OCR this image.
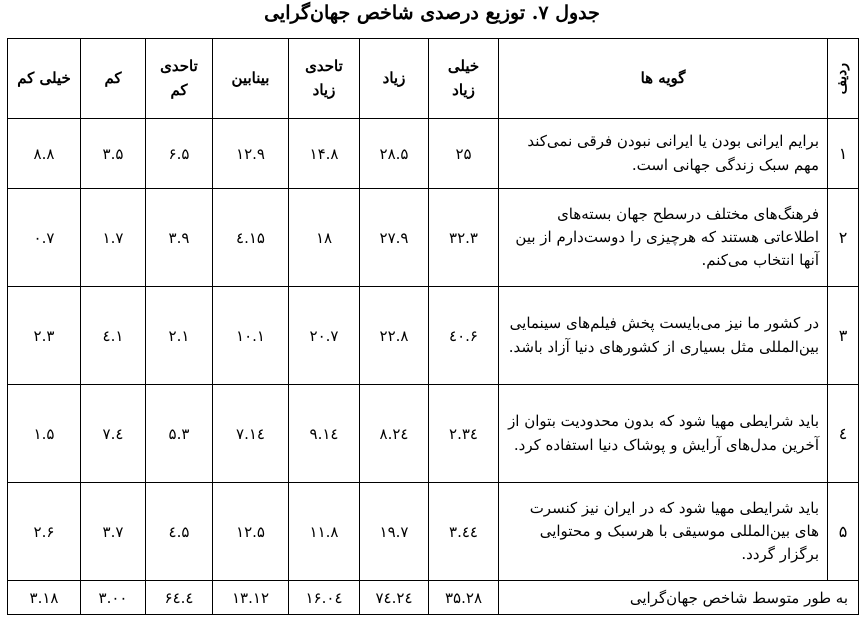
جدول ۷. توزیع درصدی شاخص جهان‌گرایی
ردیف	گویه ها	خیلی زیاد	زیاد	تاحدی زیاد	بینابین	تاحدی کم	کم	خیلی کم
۱	برایم ایرانی بودن یا ایرانی نبودن فرقی نمی‌کند مهم سبک زندگی جهانی است.	۲۵	۲۸.۵	۱۴.۸	۱۲.۹	۶.۵	۳.۵	۸.۸
۲	فرهنگ‌های مختلف درسطح جهان بسته‌های اطلاعاتی هستند که هرچیزی را دوست‌دارم از بین آنها انتخاب می‌کنم.	۳۲.۳	۲۷.۹	۱۸	۱۵.٤	۳.۹	۱.۷	۰.۷
۳	در کشور ما نیز می‌بایست پخش فیلم‌های سینمایی بین‌المللی مثل بسیاری از کشورهای دنیا آزاد باشد.	٤۰.۶	۲۲.۸	۲۰.۷	۱۰.۱	۲.۱	۱.٤	۲.۳
٤	باید شرایطی مهیا شود که بدون محدودیت بتوان از آخرین مدل‌های آرایش و پوشاک دنیا استفاده کرد.	۳٤.۲	۲٤.۸	۱٤.۹	۱٤.۷	۵.۳	٤.۷	۱.۵
۵	باید شرایطی مهیا شود که در ایران نیز کنسرت های بین‌المللی موسیقی با هرسبک و محتوایی برگزار گردد.	٤٤.۳	۱۹.۷	۱۱.۸	۱۲.۵	۵.٤	۳.۷	۲.۶
به طور متوسط شاخص جهان‌گرایی		۳۵.۲۸	۲٤.۷٤	۱۶.۰٤	۱۳.۱۲	٤.۶٤	۳.۰۰	۳.۱۸
